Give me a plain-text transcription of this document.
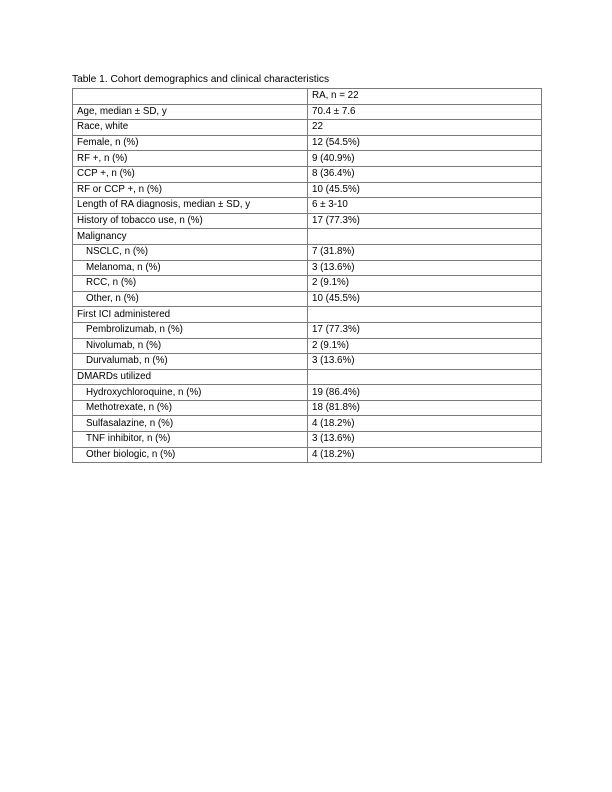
Table 1. Cohort demographics and clinical characteristics
	RA, n = 22
Age, median ± SD, y	70.4 ± 7.6
Race, white	22
Female, n (%)	12 (54.5%)
RF +, n (%)	9 (40.9%)
CCP +, n (%)	8 (36.4%)
RF or CCP +, n (%)	10 (45.5%)
Length of RA diagnosis, median ± SD, y	6 ± 3-10
History of tobacco use, n (%)	17 (77.3%)
Malignancy	
NSCLC, n (%)	7 (31.8%)
Melanoma, n (%)	3 (13.6%)
RCC, n (%)	2 (9.1%)
Other, n (%)	10 (45.5%)
First ICI administered	
Pembrolizumab, n (%)	17 (77.3%)
Nivolumab, n (%)	2 (9.1%)
Durvalumab, n (%)	3 (13.6%)
DMARDs utilized	
Hydroxychloroquine, n (%)	19 (86.4%)
Methotrexate, n (%)	18 (81.8%)
Sulfasalazine, n (%)	4 (18.2%)
TNF inhibitor, n (%)	3 (13.6%)
Other biologic, n (%)	4 (18.2%)
